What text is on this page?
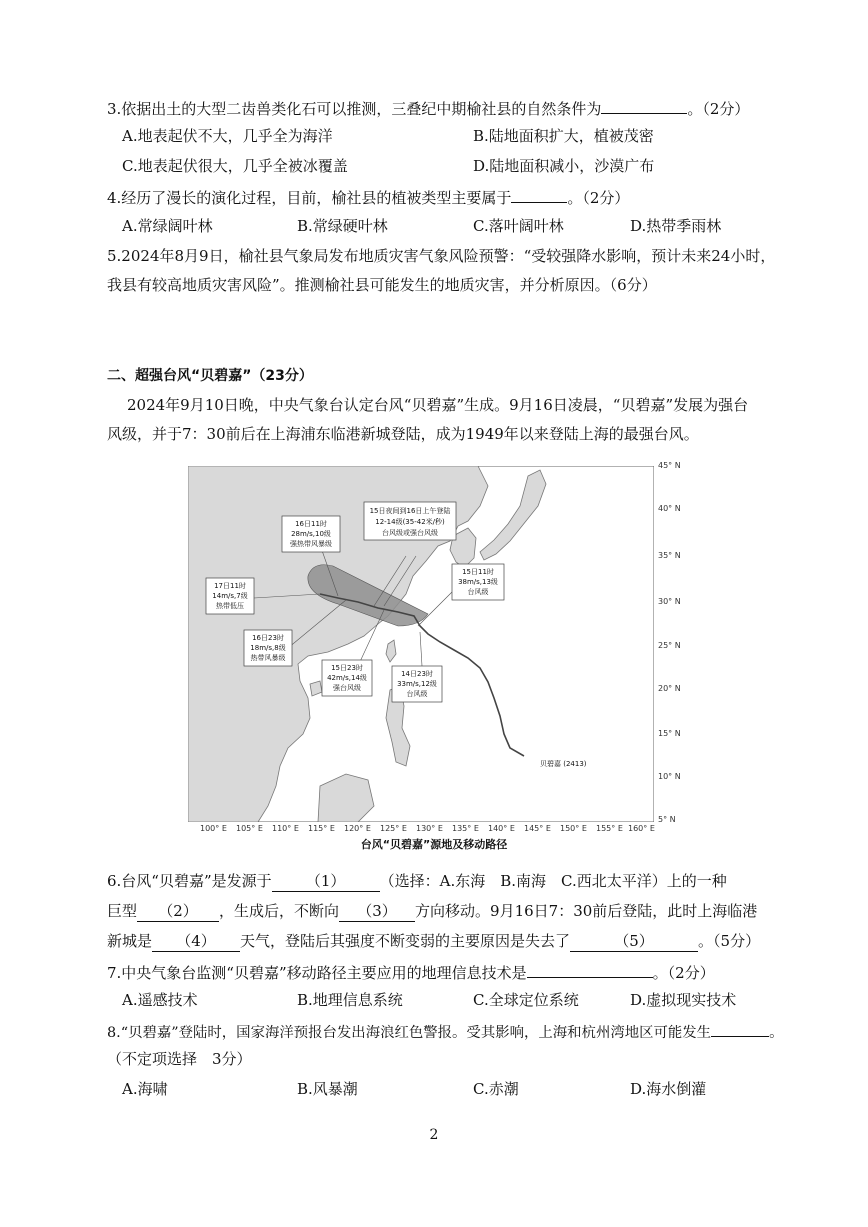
3.依据出土的大型二齿兽类化石可以推测，三叠纪中期榆社县的自然条件为	。（2分）
A.地表起伏不大，几乎全为海洋	B.陆地面积扩大，植被茂密
C.地表起伏很大，几乎全被冰覆盖	D.陆地面积减小，沙漠广布
4.经历了漫长的演化过程，目前，榆社县的植被类型主要属于	。（2分）
A.常绿阔叶林	B.常绿硬叶林	C.落叶阔叶林	D.热带季雨林
5.2024年8月9日，榆社县气象局发布地质灾害气象风险预警：“受较强降水影响，预计未来24小时，
我县有较高地质灾害风险”。推测榆社县可能发生的地质灾害，并分析原因。（6分）
二、超强台风“贝碧嘉”（23分）
2024年9月10日晚，中央气象台认定台风“贝碧嘉”生成。9月16日凌晨，“贝碧嘉”发展为强台
风级，并于7：30前后在上海浦东临港新城登陆，成为1949年以来登陆上海的最强台风。
16日11时
28m/s,10级
强热带风暴级
15日夜间到16日上午登陆
12-14级(35-42米/秒)
台风级或强台风级
15日11时
38m/s,13级
台风级
17日11时
14m/s,7级
热带低压
16日23时
18m/s,8级
热带风暴级
15日23时
42m/s,14级
强台风级
14日23时
33m/s,12级
台风级
贝碧嘉 (2413)
45° N
40° N
35° N
30° N
25° N
20° N
15° N
10° N
5° N
100° E 105° E 110° E 115° E 120° E 125° E 130° E 135° E 140° E 145° E 150° E 155° E 160° E
台风“贝碧嘉”源地及移动路径
6.台风“贝碧嘉”是发源于 （1） （选择：A.东海　B.南海　C.西北太平洋）上的一种
巨型 （2） ，生成后，不断向 （3） 方向移动。9月16日7：30前后登陆，此时上海临港
新城是 （4） 天气，登陆后其强度不断变弱的主要原因是失去了	（5）	。（5分）
7.中央气象台监测“贝碧嘉”移动路径主要应用的地理信息技术是	。（2分）
A.遥感技术	B.地理信息系统	C.全球定位系统	D.虚拟现实技术
8.“贝碧嘉”登陆时，国家海洋预报台发出海浪红色警报。受其影响，上海和杭州湾地区可能发生	。
（不定项选择　3分）
A.海啸	B.风暴潮	C.赤潮	D.海水倒灌
2
